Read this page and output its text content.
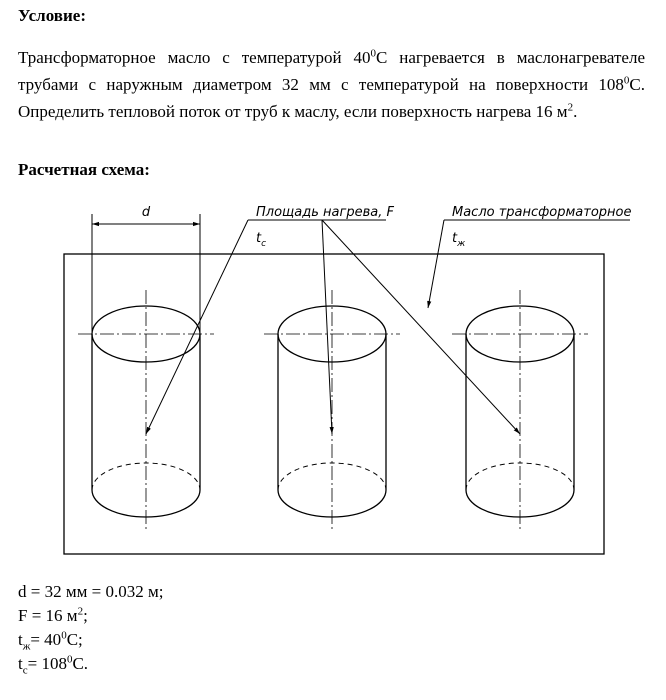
Условие:

Трансформаторное масло с температурой $40^0С$ нагревается в маслонагревателе трубами с наружным диаметром 32 мм с температурой на поверхности $108^0С$. Определить тепловой поток от труб к маслу, если поверхность нагрева 16 $м^2$.

Расчетная схема:
d	Площадь нагрева, F
$t_c$
Масло трансформаторное
$t_ж$
d = 32 мм = 0.032 м;
F = 16 $м^2$;
$t_ж= 40^0С$;
$t_с= 108^0С$.
